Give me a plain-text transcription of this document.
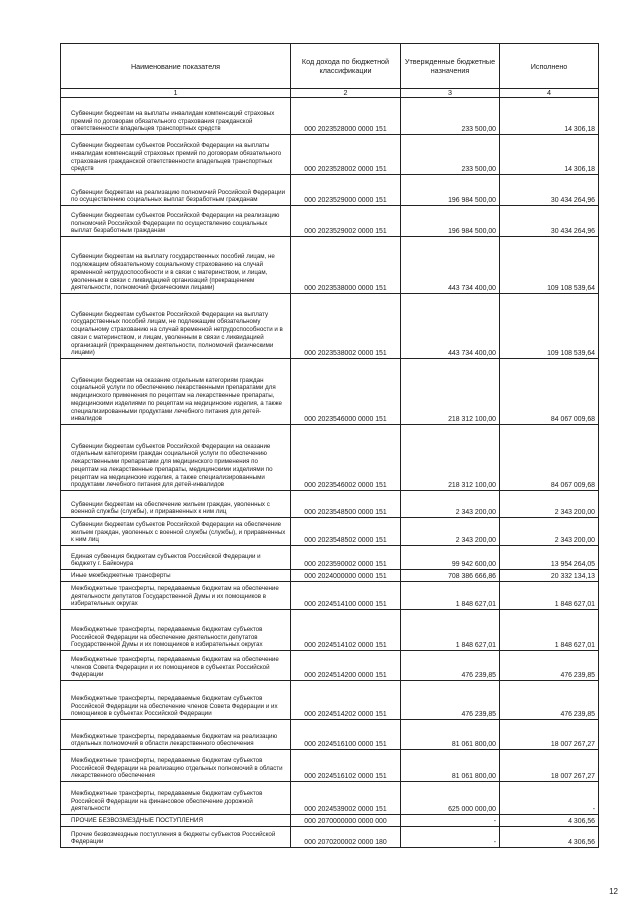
Наименование показателя	Код дохода по бюджетной классификации	Утвержденные бюджетные назначения	Исполнено
1	2	3	4
Субвенции бюджетам на выплаты инвалидам компенсаций страховых премий по договорам обязательного страхования гражданской ответственности владельцев транспортных средств	000 2023528000 0000 151	233 500,00	14 306,18
Субвенции бюджетам субъектов Российской Федерации на выплаты инвалидам компенсаций страховых премий по договорам обязательного страхования гражданской ответственности владельцев транспортных средств	000 2023528002 0000 151	233 500,00	14 306,18
Субвенции бюджетам на реализацию полномочий Российской Федерации по осуществлению социальных выплат безработным гражданам	000 2023529000 0000 151	196 984 500,00	30 434 264,96
Субвенции бюджетам субъектов Российской Федерации на реализацию полномочий Российской Федерации по осуществлению социальных выплат безработным гражданам	000 2023529002 0000 151	196 984 500,00	30 434 264,96
Субвенции бюджетам на выплату государственных пособий лицам, не подлежащим обязательному социальному страхованию на случай временной нетрудоспособности и в связи с материнством, и лицам, уволенным в связи с ликвидацией организаций (прекращением деятельности, полномочий физическими лицами)	000 2023538000 0000 151	443 734 400,00	109 108 539,64
Субвенции бюджетам субъектов Российской Федерации на выплату государственных пособий лицам, не подлежащим обязательному социальному страхованию на случай временной нетрудоспособности и в связи с материнством, и лицам, уволенным в связи с ликвидацией организаций (прекращением деятельности, полномочий физическими лицами)	000 2023538002 0000 151	443 734 400,00	109 108 539,64
Субвенции бюджетам на оказание отдельным категориям граждан социальной услуги по обеспечению лекарственными препаратами для медицинского применения по рецептам на лекарственные препараты, медицинскими изделиями по рецептам на медицинские изделия, а также специализированными продуктами лечебного питания для детей-инвалидов	000 2023546000 0000 151	218 312 100,00	84 067 009,68
Субвенции бюджетам субъектов Российской Федерации на оказание отдельным категориям граждан социальной услуги по обеспечению лекарственными препаратами для медицинского применения по рецептам на лекарственные препараты, медицинскими изделиями по рецептам на медицинские изделия, а также специализированными продуктами лечебного питания для детей-инвалидов	000 2023546002 0000 151	218 312 100,00	84 067 009,68
Субвенции бюджетам на обеспечение жильем граждан, уволенных с военной службы (службы), и приравненных к ним лиц	000 2023548500 0000 151	2 343 200,00	2 343 200,00
Субвенции бюджетам субъектов Российской Федерации на обеспечение жильем граждан, уволенных с военной службы (службы), и приравненных к ним лиц	000 2023548502 0000 151	2 343 200,00	2 343 200,00
Единая субвенция бюджетам субъектов Российской Федерации и бюджету г. Байконура	000 2023590002 0000 151	99 942 600,00	13 954 264,05
Иные межбюджетные трансферты	000 2024000000 0000 151	708 386 666,86	20 332 134,13
Межбюджетные трансферты, передаваемые бюджетам на обеспечение деятельности депутатов Государственной Думы и их помощников в избирательных округах	000 2024514100 0000 151	1 848 627,01	1 848 627,01
Межбюджетные трансферты, передаваемые бюджетам субъектов Российской Федерации на обеспечение деятельности депутатов Государственной Думы и их помощников в избирательных округах	000 2024514102 0000 151	1 848 627,01	1 848 627,01
Межбюджетные трансферты, передаваемые бюджетам на обеспечение членов Совета Федерации и их помощников в субъектах Российской Федерации	000 2024514200 0000 151	476 239,85	476 239,85
Межбюджетные трансферты, передаваемые бюджетам субъектов Российской Федерации на обеспечение членов Совета Федерации и их помощников в субъектах Российской Федерации	000 2024514202 0000 151	476 239,85	476 239,85
Межбюджетные трансферты, передаваемые бюджетам на реализацию отдельных полномочий в области лекарственного обеспечения	000 2024516100 0000 151	81 061 800,00	18 007 267,27
Межбюджетные трансферты, передаваемые бюджетам субъектов Российской Федерации на реализацию отдельных полномочий в области лекарственного обеспечения	000 2024516102 0000 151	81 061 800,00	18 007 267,27
Межбюджетные трансферты, передаваемые бюджетам субъектов Российской Федерации на финансовое обеспечение дорожной деятельности	000 2024539002 0000 151	625 000 000,00	-
ПРОЧИЕ БЕЗВОЗМЕЗДНЫЕ ПОСТУПЛЕНИЯ	000 2070000000 0000 000	-	4 306,56
Прочие безвозмездные поступления в бюджеты субъектов Российской Федерации	000 2070200002 0000 180	-	4 306,56
12
